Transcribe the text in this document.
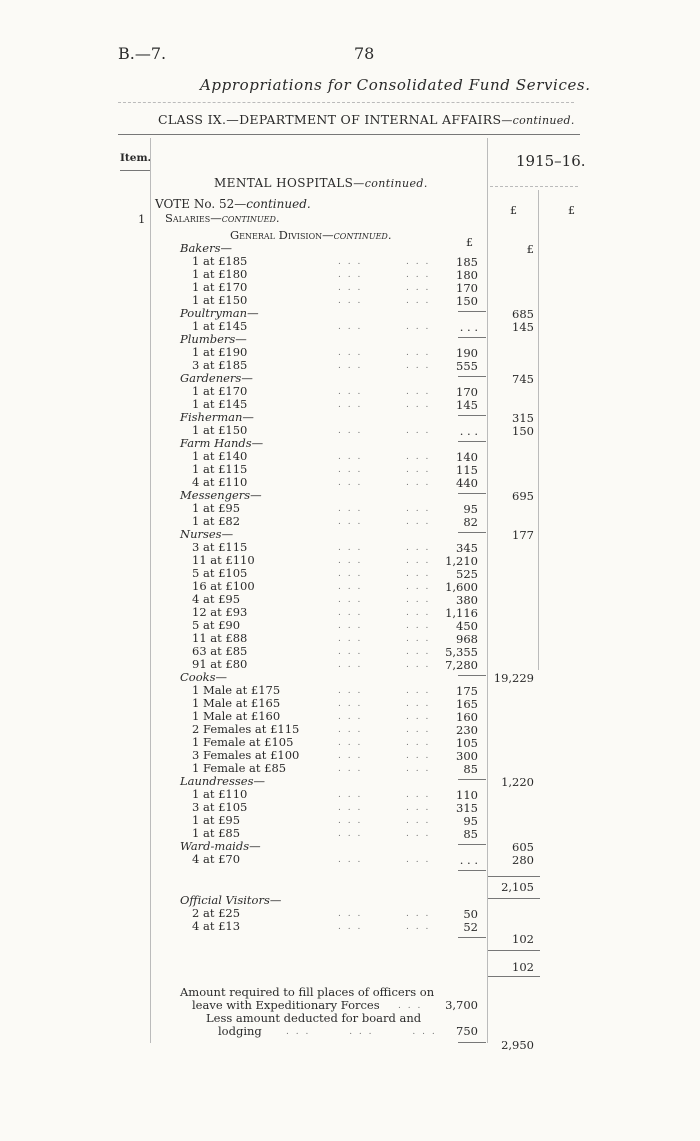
B.—7.	78
Appropriations for Consolidated Fund Services.
CLASS IX.—DEPARTMENT OF INTERNAL AFFAIRS—continued.
Item.	1915–16.
MENTAL HOSPITALS—continued.
VOTE No. 52—continued.	£	£
1 Salaries—continued.
General Division—continued.
£
Bakers—	£
1 at £185	. . .         . . .	185
1 at £180	. . .         . . .	180
1 at £170	. . .         . . .	170
1 at £150	. . .         . . .	150
Poultryman—	685
1 at £145	. . .         . . .	. . .	145
Plumbers—
1 at £190	. . .         . . .	190
3 at £185	. . .         . . .	555
Gardeners—	745
1 at £170	. . .         . . .	170
1 at £145	. . .         . . .	145
Fisherman—	315
1 at £150	. . .         . . .	. . .	150
Farm Hands—
1 at £140	. . .         . . .	140
1 at £115	. . .         . . .	115
4 at £110	. . .         . . .	440
Messengers—	695
1 at £95	. . .         . . .	95
1 at £82	. . .         . . .	82
Nurses—	177
3 at £115	. . .         . . .	345
11 at £110	. . .         . . .	1,210
5 at £105	. . .         . . .	525
16 at £100	. . .         . . .	1,600
4 at £95	. . .         . . .	380
12 at £93	. . .         . . .	1,116
5 at £90	. . .         . . .	450
11 at £88	. . .         . . .	968
63 at £85	. . .         . . .	5,355
91 at £80	. . .         . . .	7,280
Cooks—	19,229
1 Male at £175	. . .         . . .	175
1 Male at £165	. . .         . . .	165
1 Male at £160	. . .         . . .	160
2 Females at £115	. . .         . . .	230
1 Female at £105	. . .         . . .	105
3 Females at £100	. . .         . . .	300
1 Female at £85	. . .         . . .	85
Laundresses—	1,220
1 at £110	. . .         . . .	110
3 at £105	. . .         . . .	315
1 at £95	. . .         . . .	95
1 at £85	. . .         . . .	85
Ward-maids—	605
4 at £70	. . .         . . .	. . .	280
2,105
Official Visitors—
2 at £25	. . .         . . .	50
4 at £13	. . .         . . .	52
102
102
Amount required to fill places of officers on
leave with Expeditionary Forces . . .	3,700
Less amount deducted for board and
lodging	. . .        . . .        . . .	750
2,950
